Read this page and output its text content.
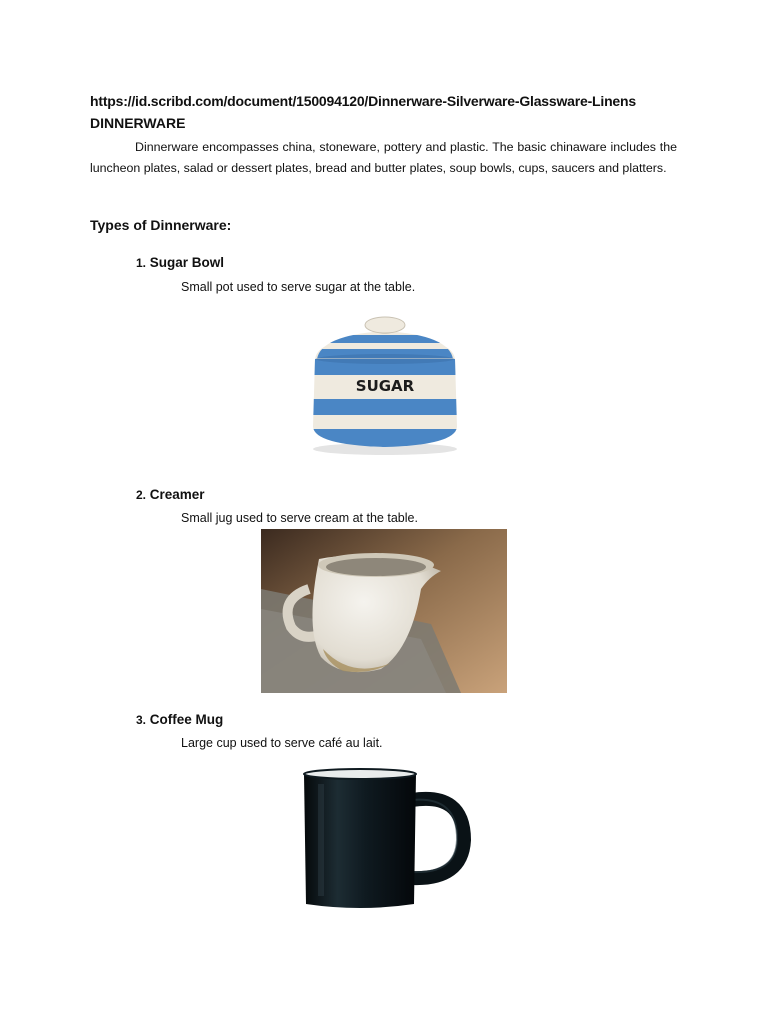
https://id.scribd.com/document/150094120/Dinnerware-Silverware-Glassware-Linens
DINNERWARE

Dinnerware encompasses china, stoneware, pottery and plastic. The basic chinaware includes the luncheon plates, salad or dessert plates, bread and butter plates, soup bowls, cups, saucers and platters.

Types of Dinnerware:
1. Sugar Bowl
Small pot used to serve sugar at the table.
SUGAR
2. Creamer
Small jug used to serve cream at the table.
3. Coffee Mug
Large cup used to serve café au lait.
